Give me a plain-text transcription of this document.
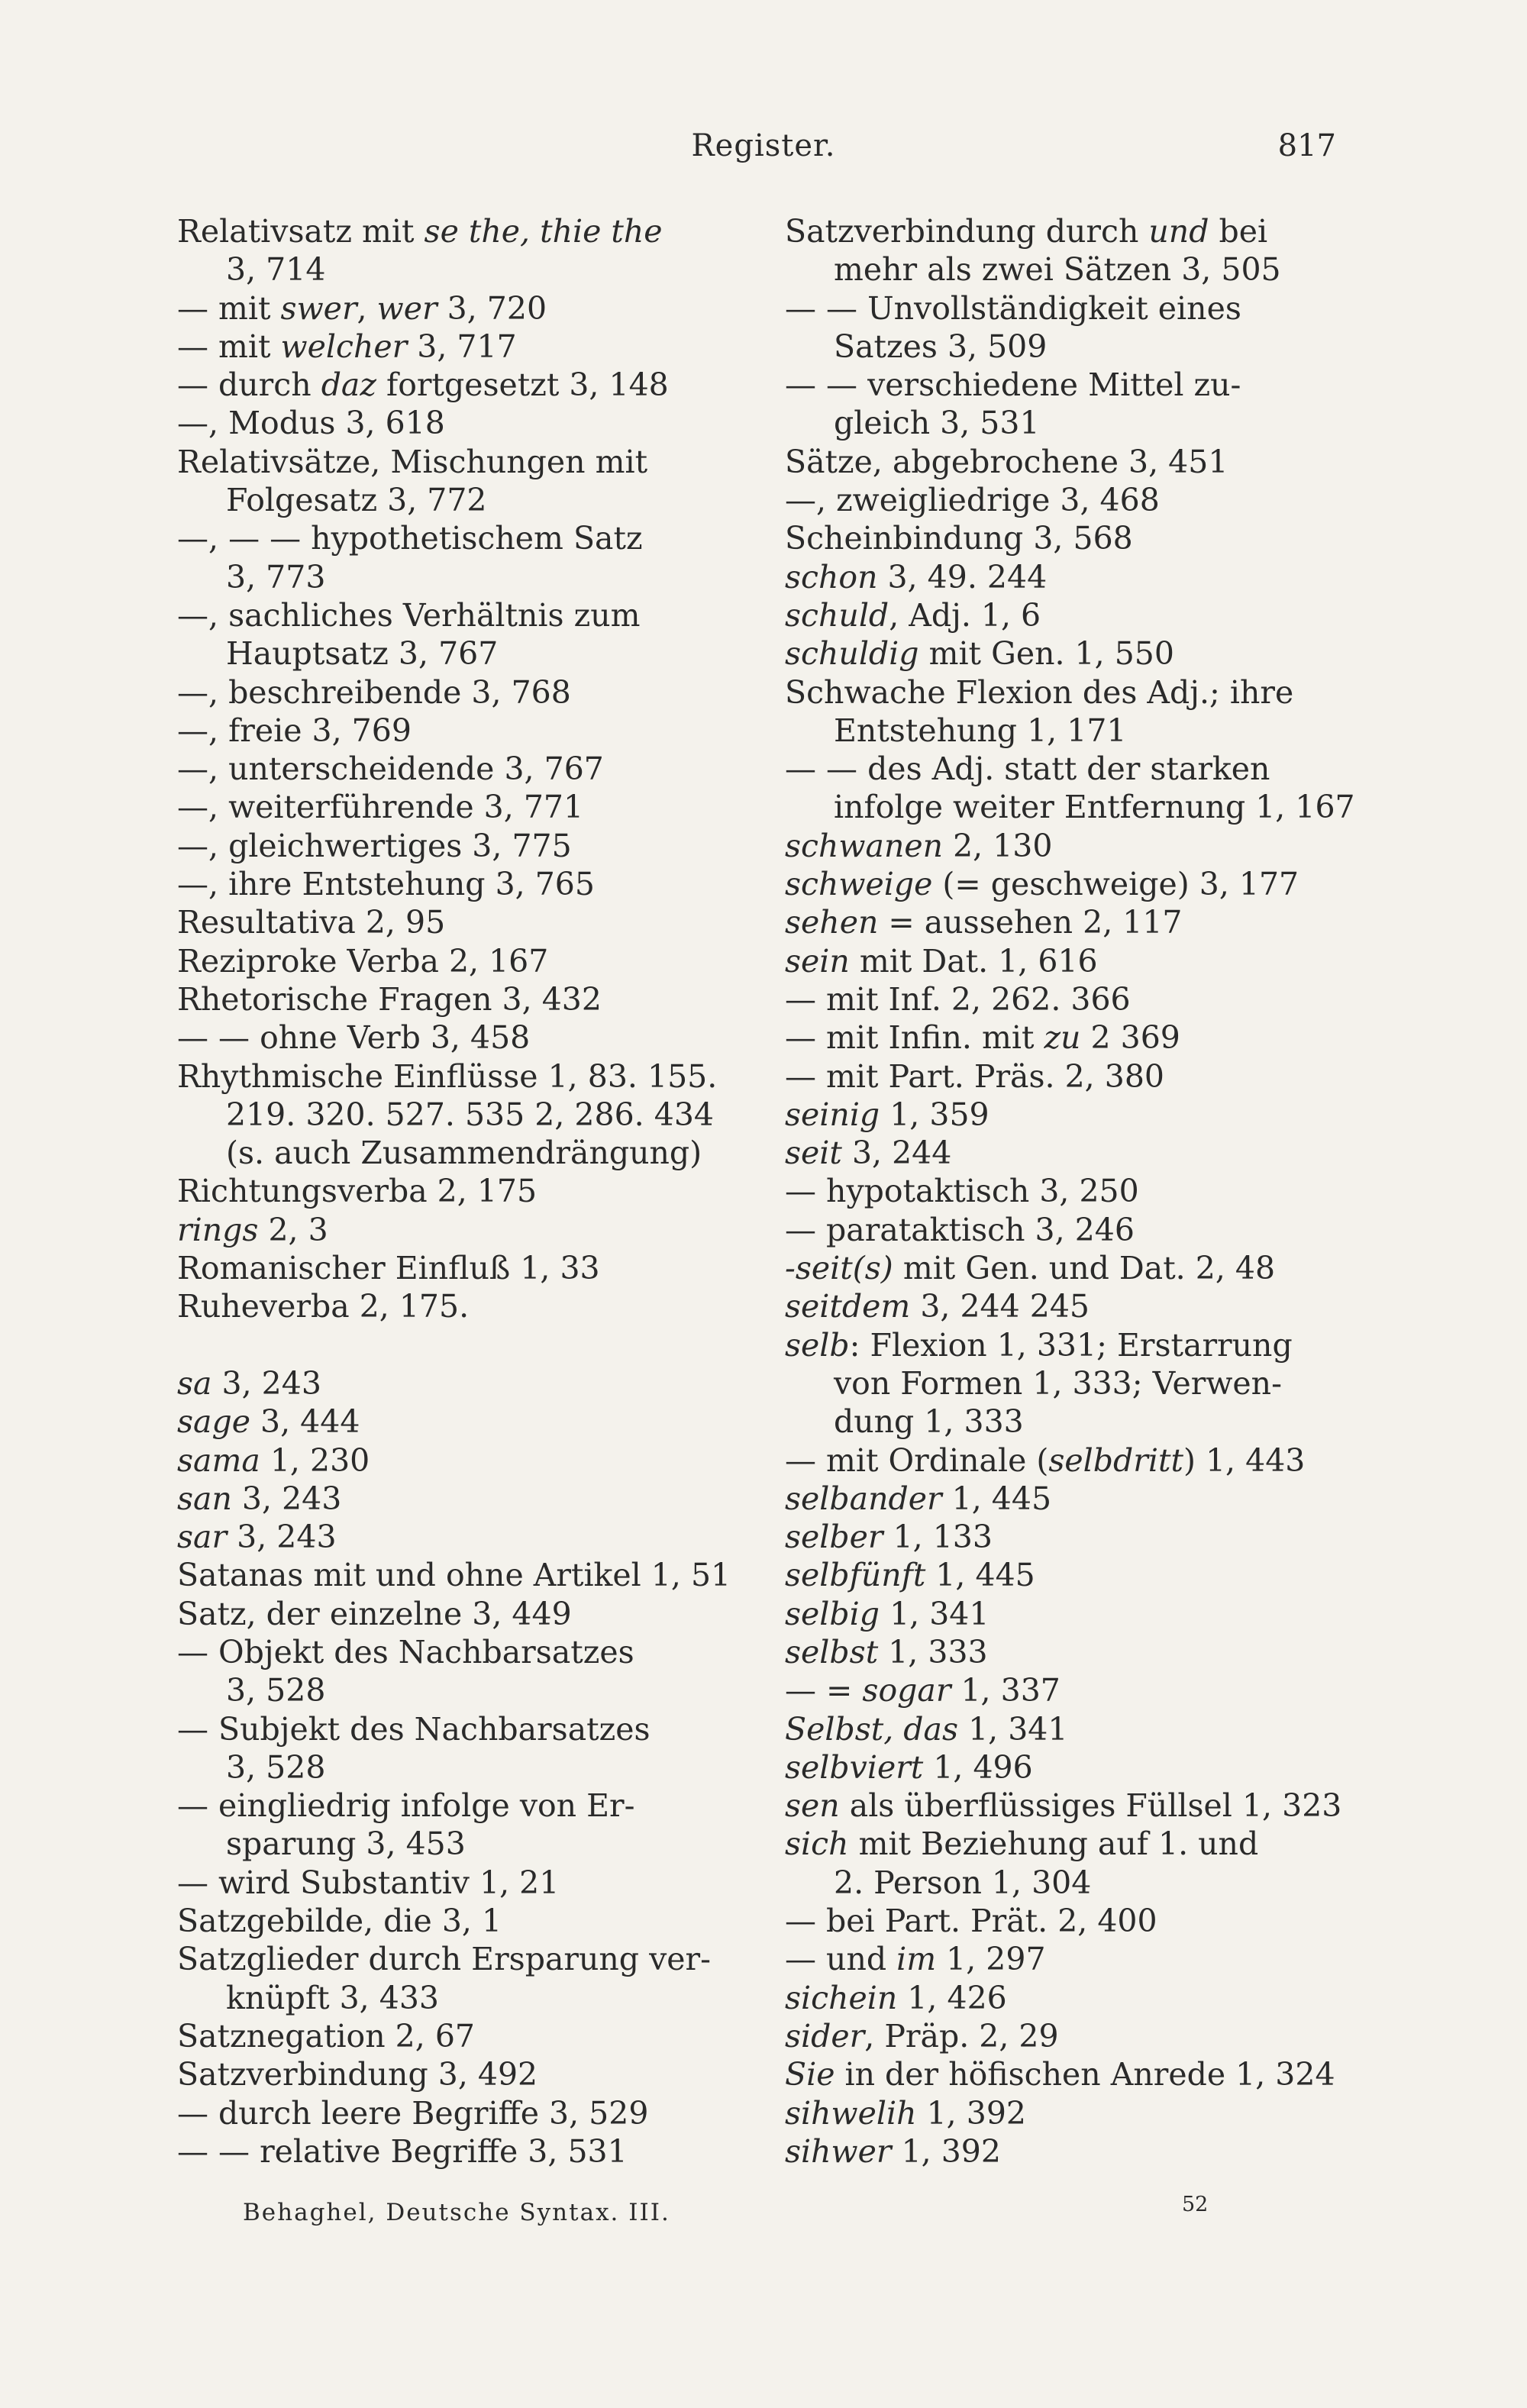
Register.	817
Relativsatz mit se the, thie the
3, 714
— mit swer, wer 3, 720
— mit welcher 3, 717
— durch daz fortgesetzt 3, 148
—, Modus 3, 618
Relativsätze, Mischungen mit
Folgesatz 3, 772
—, — — hypothetischem Satz
3, 773
—, sachliches Verhältnis zum
Hauptsatz 3, 767
—, beschreibende 3, 768
—, freie 3, 769
—, unterscheidende 3, 767
—, weiterführende 3, 771
—, gleichwertiges 3, 775
—, ihre Entstehung 3, 765
Resultativa 2, 95
Reziproke Verba 2, 167
Rhetorische Fragen 3, 432
— — ohne Verb 3, 458
Rhythmische Einflüsse 1, 83. 155.
219. 320. 527. 535 2, 286. 434
(s. auch Zusammendrängung)
Richtungsverba 2, 175
rings 2, 3
Romanischer Einfluß 1, 33
Ruheverba 2, 175.
sa 3, 243
sage 3, 444
sama 1, 230
san 3, 243
sar 3, 243
Satanas mit und ohne Artikel 1, 51
Satz, der einzelne 3, 449
— Objekt des Nachbarsatzes
3, 528
— Subjekt des Nachbarsatzes
3, 528
— eingliedrig infolge von Er-
sparung 3, 453
— wird Substantiv 1, 21
Satzgebilde, die 3, 1
Satzglieder durch Ersparung ver-
knüpft 3, 433
Satznegation 2, 67
Satzverbindung 3, 492
— durch leere Begriffe 3, 529
— — relative Begriffe 3, 531
Satzverbindung durch und bei
mehr als zwei Sätzen 3, 505
— — Unvollständigkeit eines
Satzes 3, 509
— — verschiedene Mittel zu-
gleich 3, 531
Sätze, abgebrochene 3, 451
—, zweigliedrige 3, 468
Scheinbindung 3, 568
schon 3, 49. 244
schuld, Adj. 1, 6
schuldig mit Gen. 1, 550
Schwache Flexion des Adj.; ihre
Entstehung 1, 171
— — des Adj. statt der starken
infolge weiter Entfernung 1, 167
schwanen 2, 130
schweige (= geschweige) 3, 177
sehen = aussehen 2, 117
sein mit Dat. 1, 616
— mit Inf. 2, 262. 366
— mit Infin. mit zu 2 369
— mit Part. Präs. 2, 380
seinig 1, 359
seit 3, 244
— hypotaktisch 3, 250
— parataktisch 3, 246
-seit(s) mit Gen. und Dat. 2, 48
seitdem 3, 244 245
selb: Flexion 1, 331; Erstarrung
von Formen 1, 333; Verwen-
dung 1, 333
— mit Ordinale (selbdritt) 1, 443
selbander 1, 445
selber 1, 133
selbfünft 1, 445
selbig 1, 341
selbst 1, 333
— = sogar 1, 337
Selbst, das 1, 341
selbviert 1, 496
sen als überflüssiges Füllsel 1, 323
sich mit Beziehung auf 1. und
2. Person 1, 304
— bei Part. Prät. 2, 400
— und im 1, 297
sichein 1, 426
sider, Präp. 2, 29
Sie in der höfischen Anrede 1, 324
sihwelih 1, 392
sihwer 1, 392
Behaghel, Deutsche Syntax. III.	52
